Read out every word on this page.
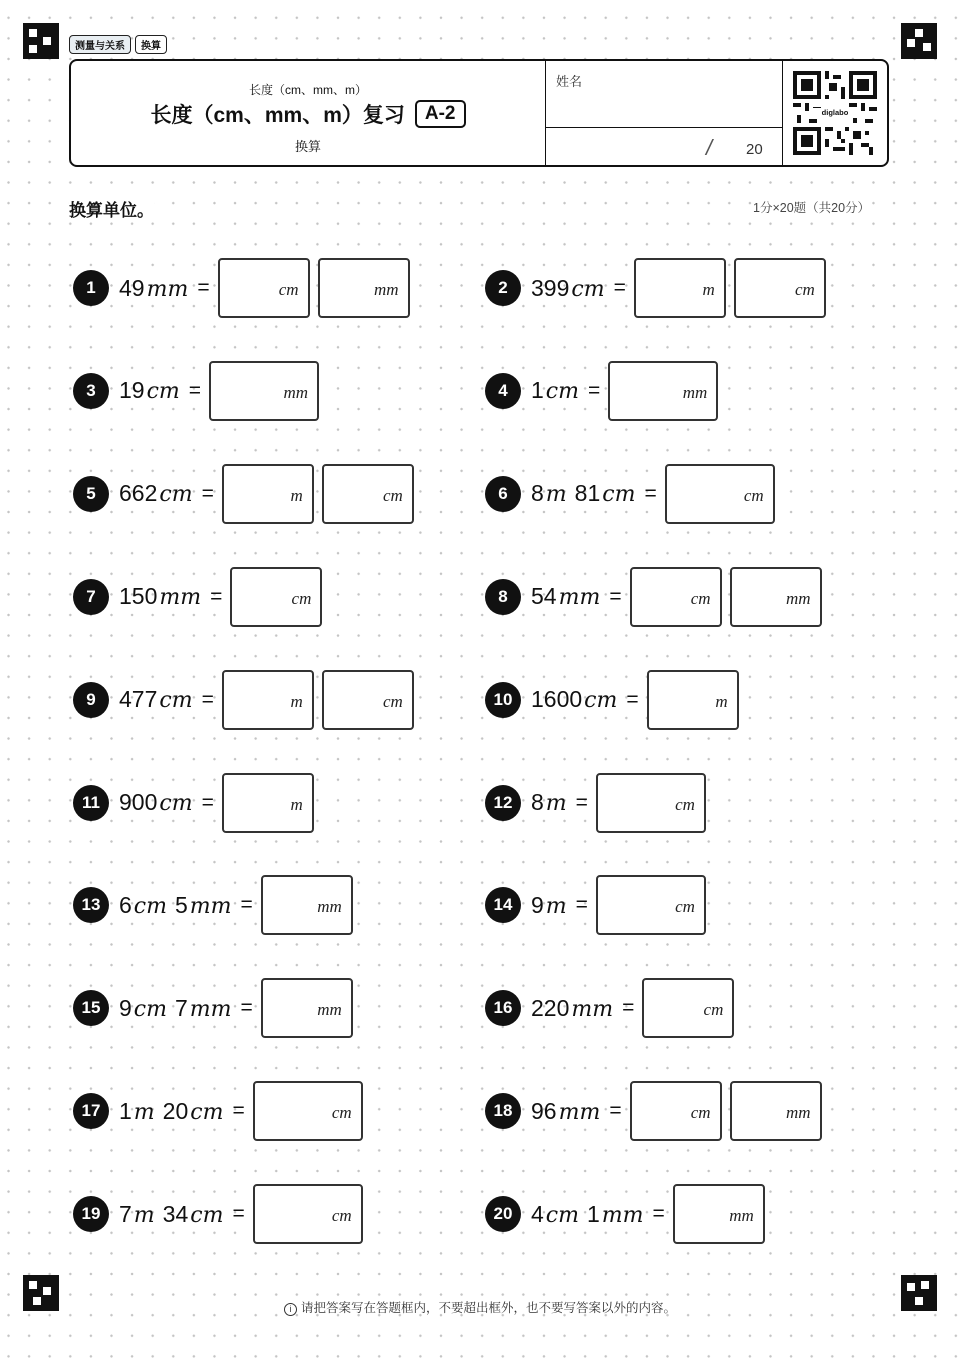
测量与关系	换算
长度（cm、mm、m）
长度（cm、mm、m）复习	A-2
换算
姓名
/ 20
diglabo
换算单位。	1分×20题（共20分）
1	49 mm =	cm	mm	2	399 cm =	m	cm
3	19 cm =	mm	4	1 cm =	mm
5	662 cm =	m	cm	6	8 m 81 cm =	cm
7	150 mm =	cm	8	54 mm =	cm	mm
9	477 cm =	m	cm	10 1600 cm =	m
11 900 cm =	m	12 8 m =	cm
13 6 cm 5 mm =	mm	14 9 m =	cm
15 9 cm 7 mm =	mm	16 220 mm =	cm
17 1 m 20 cm =	cm	18 96 mm =	cm	mm
19 7 m 34 cm =	cm	20 4 cm 1 mm =	mm
i 请把答案写在答题框内，不要超出框外，也不要写答案以外的内容。
